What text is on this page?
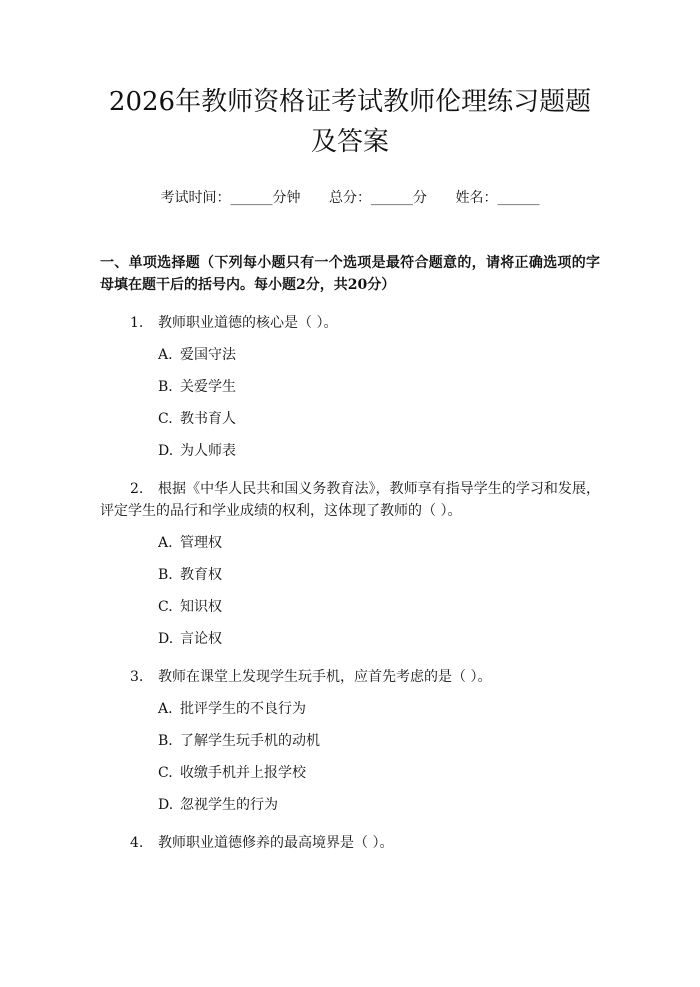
2026年教师资格证考试教师伦理练习题题及答案
考试时间：______分钟 总分：______分 姓名：______
一、单项选择题（下列每小题只有一个选项是最符合题意的，请将正确选项的字母填在题干后的括号内。每小题2分，共20分）
1. 教师职业道德的核心是（ ）。
A. 爱国守法
B. 关爱学生
C. 教书育人
D. 为人师表
2. 根据《中华人民共和国义务教育法》，教师享有指导学生的学习和发展，评定学生的品行和学业成绩的权利，这体现了教师的（ ）。
A. 管理权
B. 教育权
C. 知识权
D. 言论权
3. 教师在课堂上发现学生玩手机，应首先考虑的是（ ）。
A. 批评学生的不良行为
B. 了解学生玩手机的动机
C. 收缴手机并上报学校
D. 忽视学生的行为
4. 教师职业道德修养的最高境界是（ ）。
